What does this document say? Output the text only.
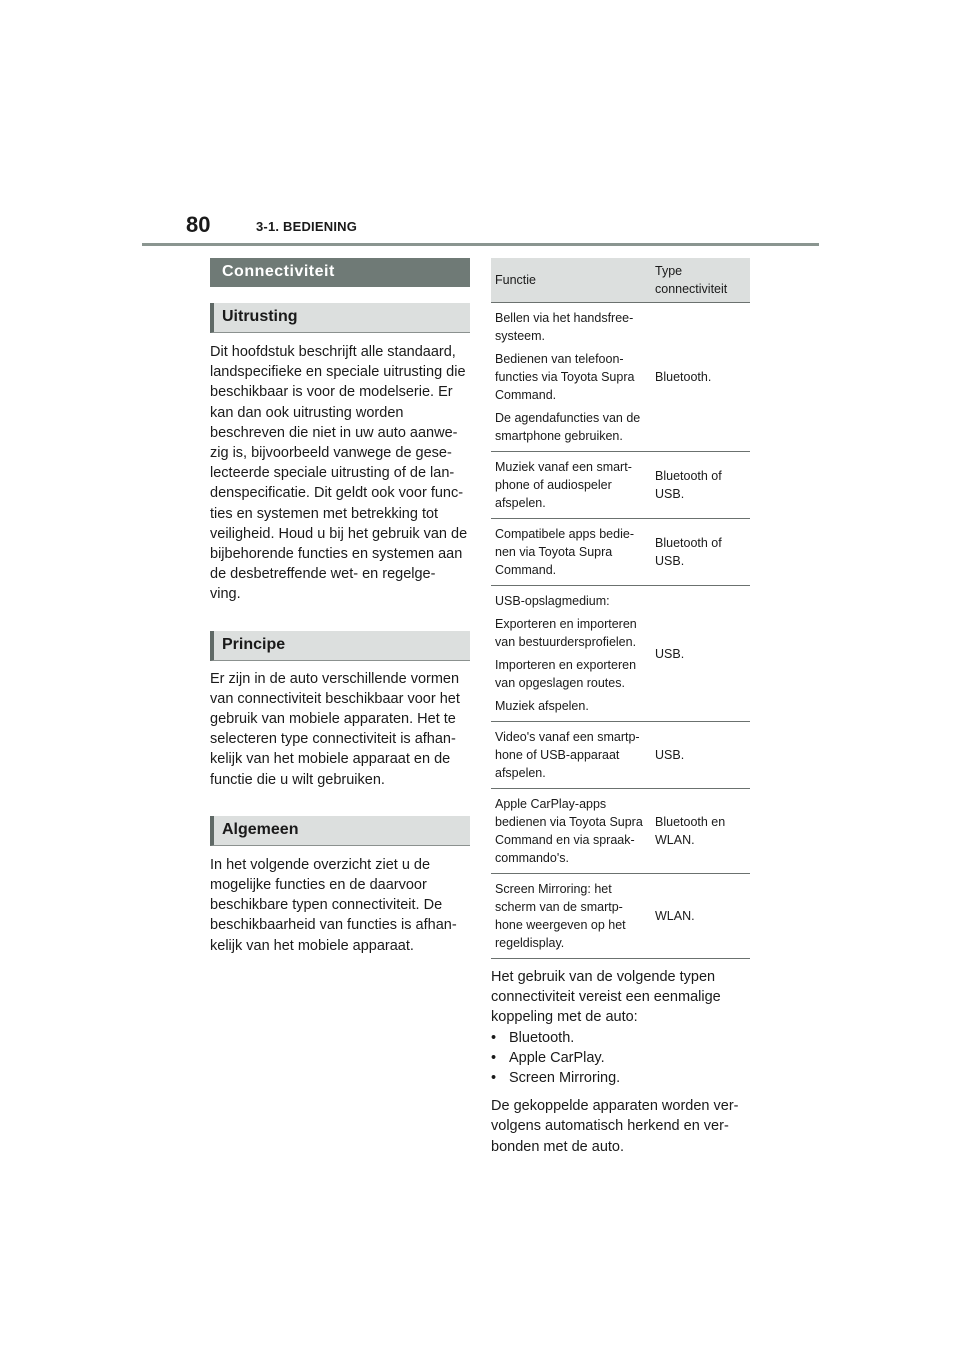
80	3-1. BEDIENING
Connectiviteit
Uitrusting

Dit hoofdstuk beschrijft alle standaard, landspecifieke en speciale uitrusting die beschikbaar is voor de modelserie. Er kan dan ook uitrusting worden beschreven die niet in uw auto aanwe- zig is, bijvoorbeeld vanwege de gese- lecteerde speciale uitrusting of de lan- denspecificatie. Dit geldt ook voor func- ties en systemen met betrekking tot veiligheid. Houd u bij het gebruik van de bijbehorende functies en systemen aan de desbetreffende wet- en regelge- ving.

Principe

Er zijn in de auto verschillende vormen van connectiviteit beschikbaar voor het gebruik van mobiele apparaten. Het te selecteren type connectiviteit is afhan- kelijk van het mobiele apparaat en de functie die u wilt gebruiken.

Algemeen

In het volgende overzicht ziet u de mogelijke functies en de daarvoor beschikbare typen connectiviteit. De beschikbaarheid van functies is afhan- kelijk van het mobiele apparaat.

Functie	Type connectiviteit

Bellen via het handsfree- systeem.
Bedienen van telefoon- functies via Toyota Supra Command.
De agendafuncties van de smartphone gebruiken.	Bluetooth.

Muziek vanaf een smart- phone of audiospeler afspelen.	Bluetooth of USB.

Compatibele apps bedie- nen via Toyota Supra Command.	Bluetooth of USB.

USB-opslagmedium:
Exporteren en importeren van bestuurdersprofielen.
Importeren en exporteren van opgeslagen routes.
Muziek afspelen.	USB.

Video's vanaf een smartp- hone of USB-apparaat afspelen.	USB.

Apple CarPlay-apps bedienen via Toyota Supra Command en via spraak- commando's.	Bluetooth en WLAN.

Screen Mirroring: het scherm van de smartp- hone weergeven op het regeldisplay.	WLAN.

Het gebruik van de volgende typen connectiviteit vereist een eenmalige koppeling met de auto:

• Bluetooth.
• Apple CarPlay.
• Screen Mirroring.

De gekoppelde apparaten worden ver- volgens automatisch herkend en ver- bonden met de auto.
